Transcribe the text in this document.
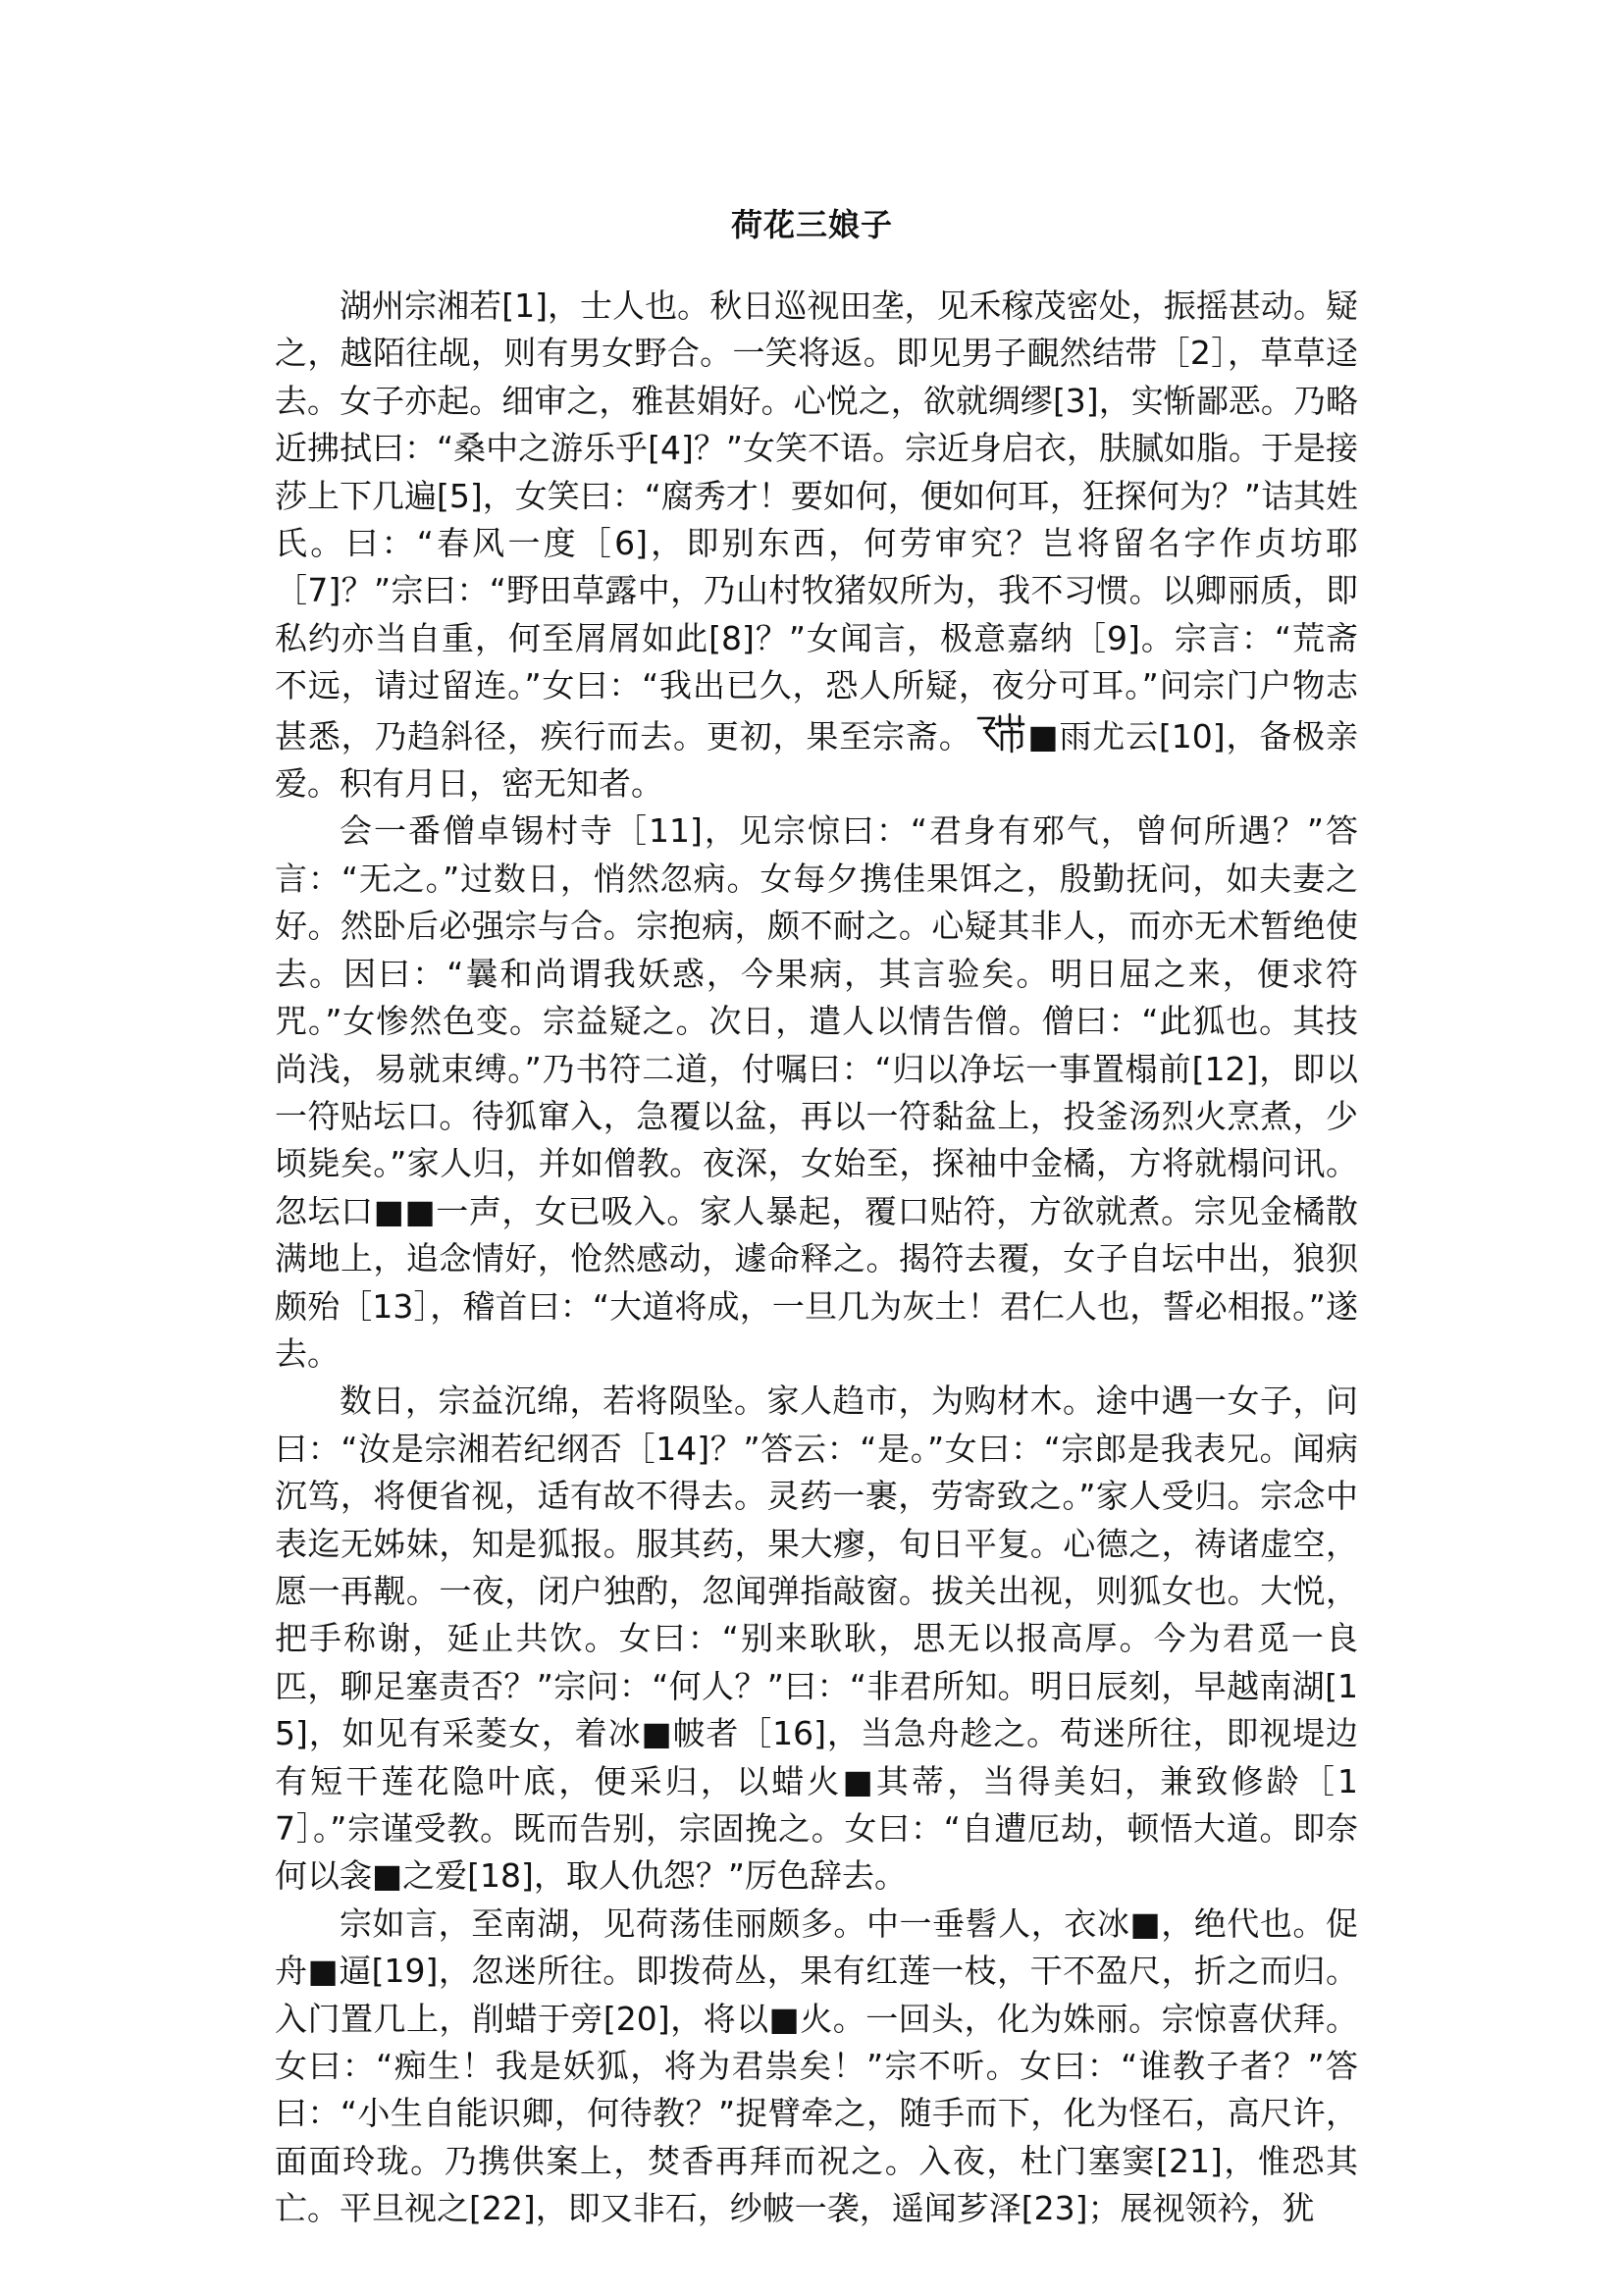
荷花三娘子

湖州宗湘若[1]，士人也。秋日巡视田垄，见禾稼茂密处，振摇甚动。疑之，越陌往觇，则有男女野合。一笑将返。即见男子靦然结带［2］，草草迳去。女子亦起。细审之，雅甚娟好。心悦之，欲就绸缪[3]，实惭鄙恶。乃略近拂拭曰：“桑中之游乐乎[4]？”女笑不语。宗近身启衣，肤腻如脂。于是接莎上下几遍[5]，女笑曰：“腐秀才！要如何，便如何耳，狂探何为？”诘其姓氏。曰：“春风一度［6]，即别东西，何劳审究？岂将留名字作贞坊耶［7]？”宗曰：“野田草露中，乃山村牧猪奴所为，我不习惯。以卿丽质，即私约亦当自重，何至屑屑如此[8]？”女闻言，极意嘉纳［9]。宗言：“荒斋不远，请过留连。”女曰：“我出已久，恐人所疑，夜分可耳。”问宗门户物志甚悉，乃趋斜径，疾行而去。更初，果至宗斋。 ■雨尤云[10]，备极亲爱。积有月日，密无知者。

会一番僧卓锡村寺［11]，见宗惊曰：“君身有邪气，曾何所遇？”答言：“无之。”过数日，悄然忽病。女每夕携佳果饵之，殷勤抚问，如夫妻之好。然卧后必强宗与合。宗抱病，颇不耐之。心疑其非人，而亦无术暂绝使去。因曰：“曩和尚谓我妖惑，今果病，其言验矣。明日屈之来，便求符咒。”女惨然色变。宗益疑之。次日，遣人以情告僧。僧曰：“此狐也。其技尚浅，易就束缚。”乃书符二道，付嘱曰：“归以净坛一事置榻前[12]，即以一符贴坛口。待狐窜入，急覆以盆，再以一符黏盆上，投釜汤烈火烹煮，少顷毙矣。”家人归，并如僧教。夜深，女始至，探袖中金橘，方将就榻问讯。忽坛口■■一声，女已吸入。家人暴起，覆口贴符，方欲就煮。宗见金橘散满地上，追念情好，怆然感动，遽命释之。揭符去覆，女子自坛中出，狼狈颇殆［13］，稽首曰：“大道将成，一旦几为灰土！君仁人也，誓必相报。”遂去。

数日，宗益沉绵，若将陨坠。家人趋市，为购材木。途中遇一女子，问曰：“汝是宗湘若纪纲否［14]？”答云：“是。”女曰：“宗郎是我表兄。闻病沉笃，将便省视，适有故不得去。灵药一裹，劳寄致之。”家人受归。宗念中表迄无姊妹，知是狐报。服其药，果大瘳，旬日平复。心德之，祷诸虚空，愿一再觏。一夜，闭户独酌，忽闻弹指敲窗。拔关出视，则狐女也。大悦，把手称谢，延止共饮。女曰：“别来耿耿，思无以报高厚。今为君觅一良匹，聊足塞责否？”宗问：“何人？”曰：“非君所知。明日辰刻，早越南湖[15]，如见有采菱女，着冰■帔者［16]，当急舟趁之。苟迷所往，即视堤边有短干莲花隐叶底，便采归，以蜡火■其蒂，当得美妇，兼致修龄［17］。”宗谨受教。既而告别，宗固挽之。女曰：“自遭厄劫，顿悟大道。即奈何以衾■之爱[18]，取人仇怨？”厉色辞去。

宗如言，至南湖，见荷荡佳丽颇多。中一垂髫人，衣冰■，绝代也。促舟■逼[19]，忽迷所往。即拨荷丛，果有红莲一枝，干不盈尺，折之而归。入门置几上，削蜡于旁[20]，将以■火。一回头，化为姝丽。宗惊喜伏拜。女曰：“痴生！我是妖狐，将为君祟矣！”宗不听。女曰：“谁教子者？”答曰：“小生自能识卿，何待教？”捉臂牵之，随手而下，化为怪石，高尺许，面面玲珑。乃携供案上，焚香再拜而祝之。入夜，杜门塞窦[21]，惟恐其亡。平旦视之[22]，即又非石，纱帔一袭，遥闻芗泽[23]；展视领衿，犹
